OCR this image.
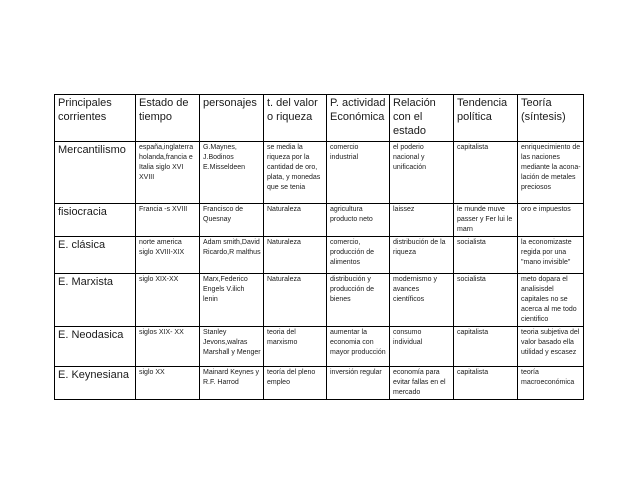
Principales corrientes	Estado de tiempo	personajes	t. del valor o riqueza	P. actividad Económica	Relación con el estado	Tendencia política	Teoría (síntesis)
Mercantilismo	españa,inglaterra holanda,francia e Italia siglo XVI XVIII	G.Maynes, J.Bodinos E.Misseldeen	se media la riqueza por la cantidad de oro, plata, y monedas que se tenia	comercio industrial	el poderio nacional y unificación	capitalista	enriquecimiento de las naciones mediante la acona- lación de metales preciosos
fisiocracia	Francia -s XVIII	Francisco de Quesnay	Naturaleza	agricultura producto neto	laissez	le munde muve passer y Fer lui le marn	oro e impuestos
E. clásica	norte america siglo XVIII-XIX	Adam smith,David Ricardo,R malthus	Naturaleza	comercio, producción de alimentos	distribución de la riqueza	socialista	la economizaste regida por una "mano invisible"
E. Marxista	siglo XIX-XX	Marx,Federico Engels V.ilich lenin	Naturaleza	distribución y producción de bienes	modernismo y avances científicos	socialista	meto dopara el analisisdel capitales no se acerca al me todo cientifico
E. Neodasica	siglos XIX- XX	Stanley Jevons,walras Marshall y Menger	teoria del marxismo	aumentar la economia con mayor producción	consumo individual	capitalista	teoria subjetiva del valor basado ella utilidad y escasez
E. Keynesiana	siglo XX	Mainard Keynes y R.F. Harrod	teoría del pleno empleo	inversión regular	economía para evitar fallas en el mercado	capitalista	teoría macroeconómica
